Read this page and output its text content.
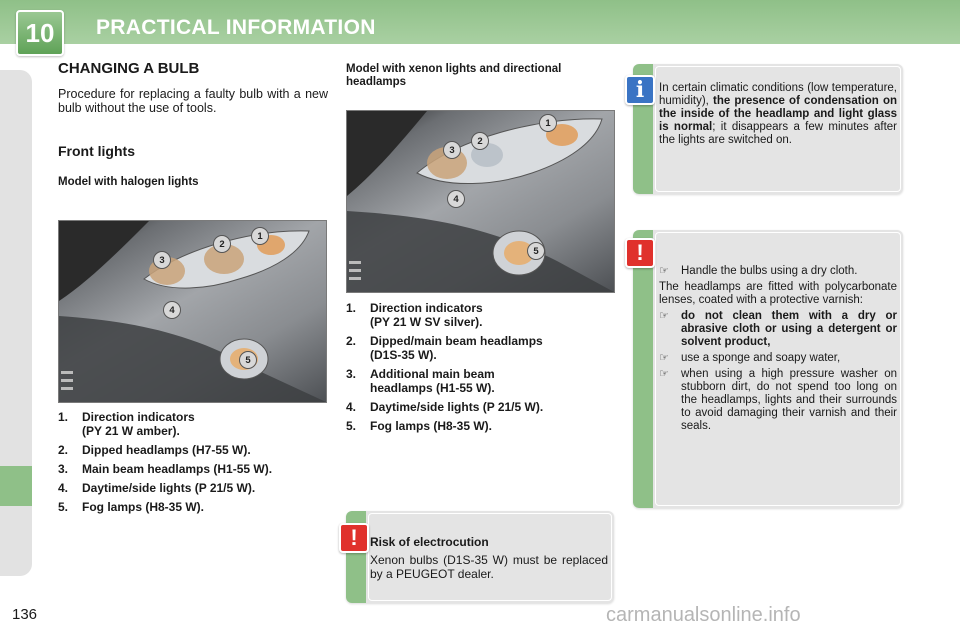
10	PRACTICAL INFORMATION
CHANGING A BULB

Procedure for replacing a faulty bulb with a new bulb without the use of tools.

Front lights
Model with halogen lights
1
2
3
4
5
1.	Direction indicators
(PY 21 W amber).
2.	Dipped headlamps (H7-55 W).
3.	Main beam headlamps (H1-55 W).
4.	Daytime/side lights (P 21/5 W).
5.	Fog lamps (H8-35 W).
Model with xenon lights and directional headlamps
1
2
3
4
5
1.	Direction indicators
(PY 21 W SV silver).
2.	Dipped/main beam headlamps
(D1S-35 W).
3.	Additional main beam
headlamps (H1-55 W).
4.	Daytime/side lights (P 21/5 W).
5.	Fog lamps (H8-35 W).
i	In certain climatic conditions (low temperature, humidity), the presence of condensation on the inside of the headlamp and light glass is normal; it disappears a few minutes after the lights are switched on.
!
☞	Handle the bulbs using a dry cloth.

The headlamps are fitted with polycarbonate lenses, coated with a protective varnish:

☞	do not clean them with a dry or abrasive cloth or using a detergent or solvent product,
☞	use a sponge and soapy water,
☞	when using a high pressure washer on stubborn dirt, do not spend too long on the headlamps, lights and their surrounds to avoid damaging their varnish and their seals.
!	Risk of electrocution
Xenon bulbs (D1S-35 W) must be replaced by a PEUGEOT dealer.
136	carmanualsonline.info
